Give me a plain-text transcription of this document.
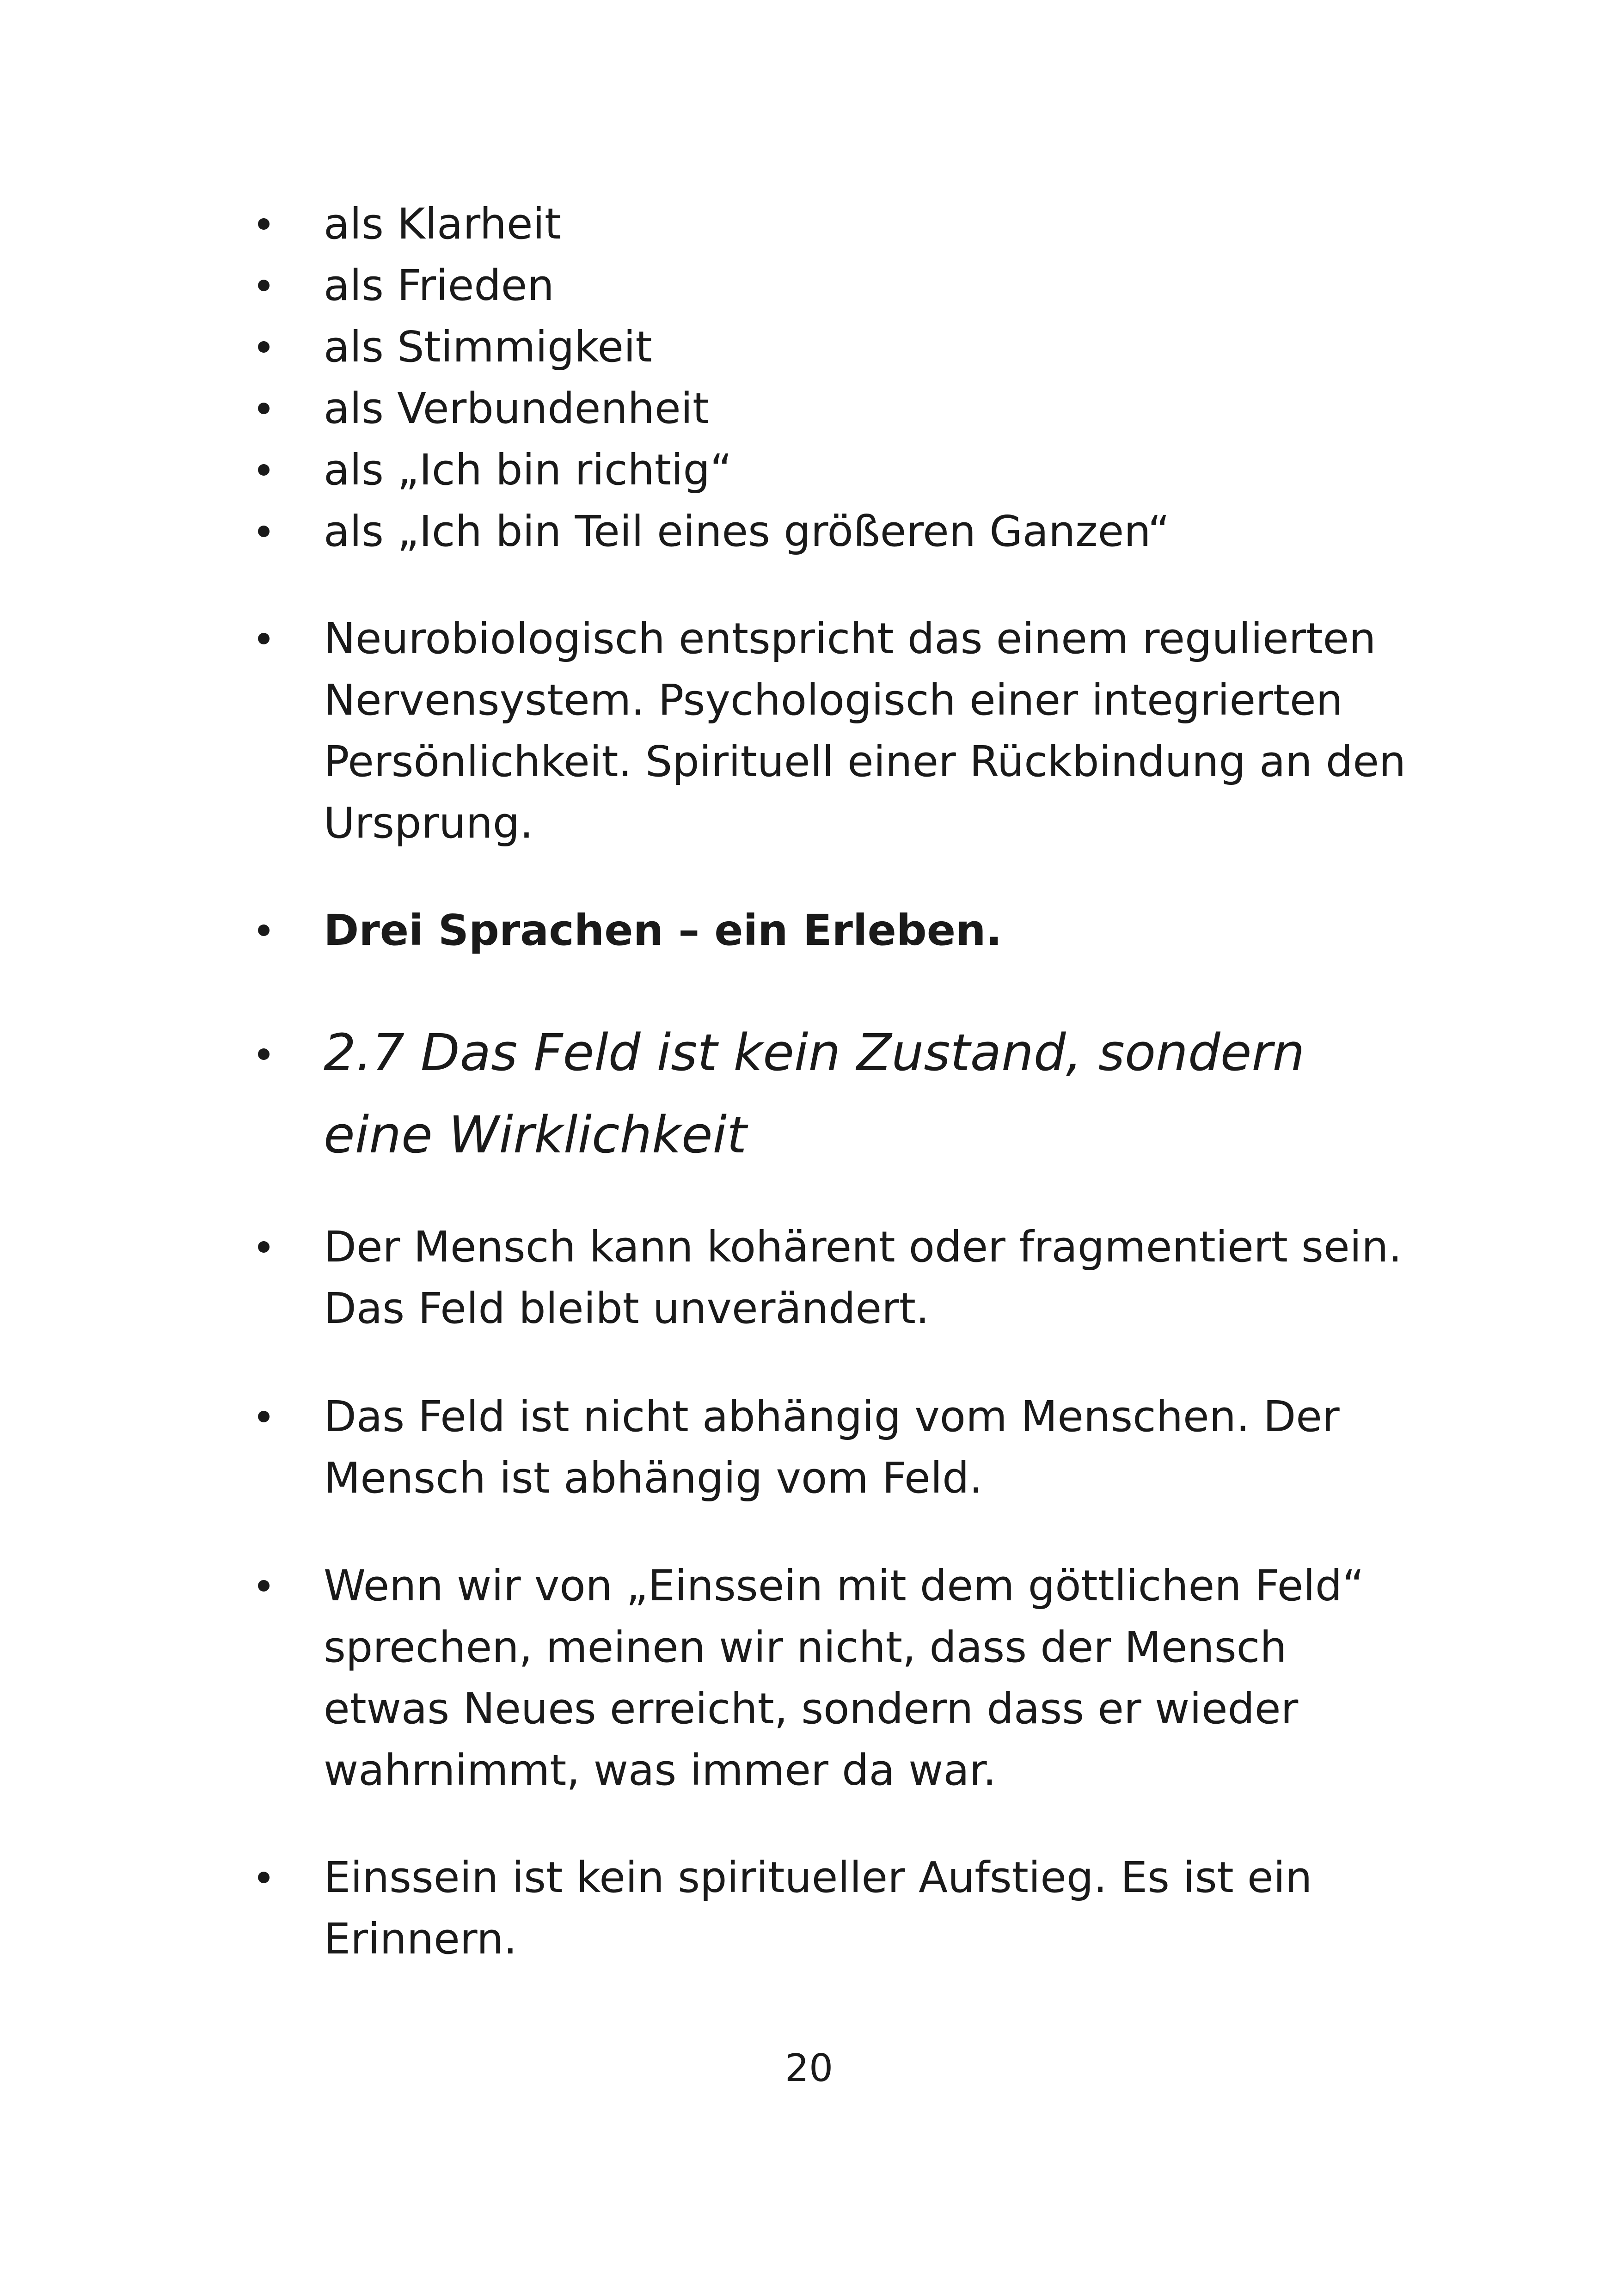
als Klarheit
als Frieden
als Stimmigkeit
als Verbundenheit
als „Ich bin richtig“
als „Ich bin Teil eines größeren Ganzen“
Neurobiologisch entspricht das einem regulierten Nervensystem. Psychologisch einer integrierten Persönlichkeit. Spirituell einer Rückbindung an den Ursprung.
Drei Sprachen – ein Erleben.
2.7 Das Feld ist kein Zustand, sondern eine Wirklichkeit
Der Mensch kann kohärent oder fragmentiert sein. Das Feld bleibt unverändert.
Das Feld ist nicht abhängig vom Menschen. Der Mensch ist abhängig vom Feld.
Wenn wir von „Einssein mit dem göttlichen Feld“ sprechen, meinen wir nicht, dass der Mensch etwas Neues erreicht, sondern dass er wieder wahrnimmt, was immer da war.
Einssein ist kein spiritueller Aufstieg. Es ist ein Erinnern.
20
